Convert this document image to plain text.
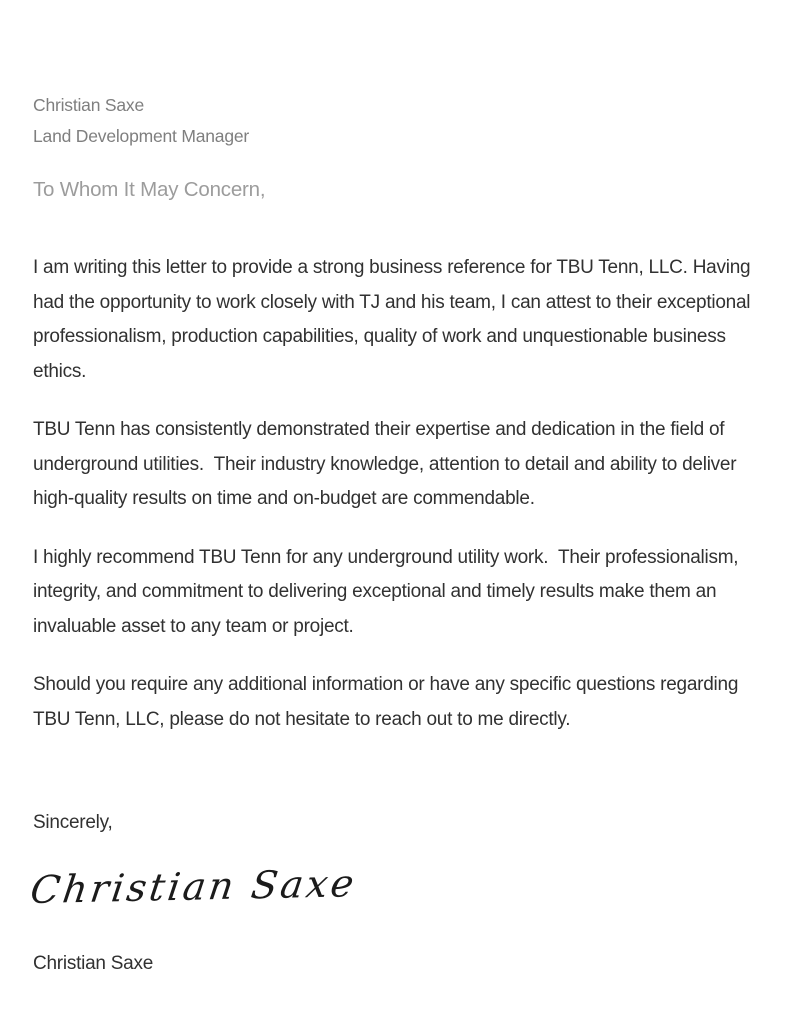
Christian Saxe
Land Development Manager
To Whom It May Concern,

I am writing this letter to provide a strong business reference for TBU Tenn, LLC. Having had the opportunity to work closely with TJ and his team, I can attest to their exceptional professionalism, production capabilities, quality of work and unquestionable business ethics.

TBU Tenn has consistently demonstrated their expertise and dedication in the field of underground utilities.  Their industry knowledge, attention to detail and ability to deliver high-quality results on time and on-budget are commendable.

I highly recommend TBU Tenn for any underground utility work.  Their professionalism, integrity, and commitment to delivering exceptional and timely results make them an invaluable asset to any team or project.

Should you require any additional information or have any specific questions regarding TBU Tenn, LLC, please do not hesitate to reach out to me directly.

Sincerely,
Christian Saxe
Christian Saxe
